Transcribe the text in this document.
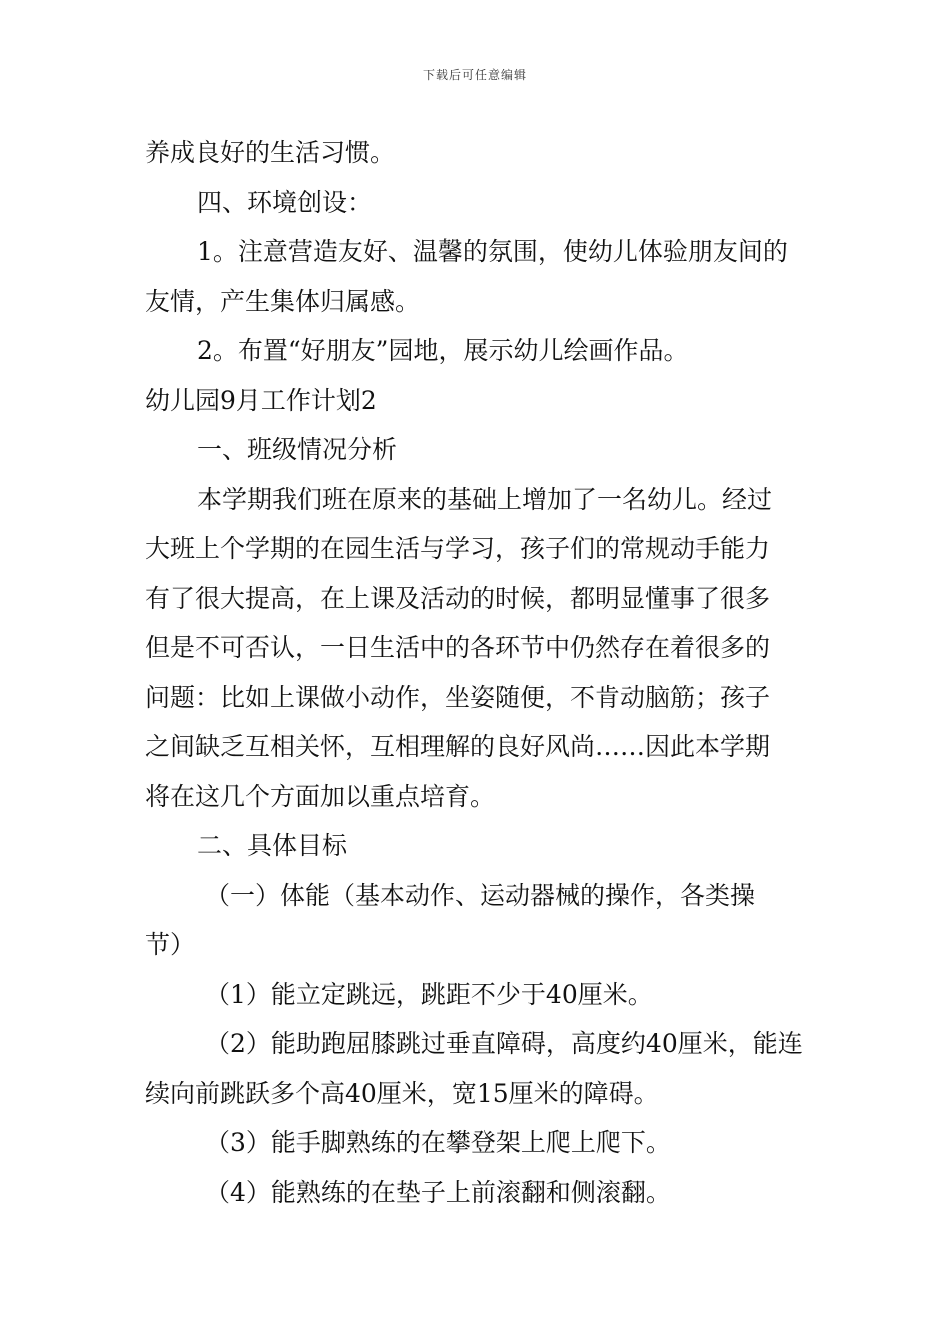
下载后可任意编辑

养成良好的生活习惯。

四、环境创设：

1。注意营造友好、温馨的氛围，使幼儿体验朋友间的

友情，产生集体归属感。

2。布置“好朋友”园地，展示幼儿绘画作品。

幼儿园9月工作计划2

一、班级情况分析

本学期我们班在原来的基础上增加了一名幼儿。经过

大班上个学期的在园生活与学习，孩子们的常规动手能力

有了很大提高，在上课及活动的时候，都明显懂事了很多

但是不可否认，一日生活中的各环节中仍然存在着很多的

问题：比如上课做小动作，坐姿随便，不肯动脑筋；孩子

之间缺乏互相关怀，互相理解的良好风尚……因此本学期

将在这几个方面加以重点培育。

二、具体目标

（一）体能（基本动作、运动器械的操作，各类操

节）

（1）能立定跳远，跳距不少于40厘米。

（2）能助跑屈膝跳过垂直障碍，高度约40厘米，能连

续向前跳跃多个高40厘米，宽15厘米的障碍。

（3）能手脚熟练的在攀登架上爬上爬下。

（4）能熟练的在垫子上前滚翻和侧滚翻。
